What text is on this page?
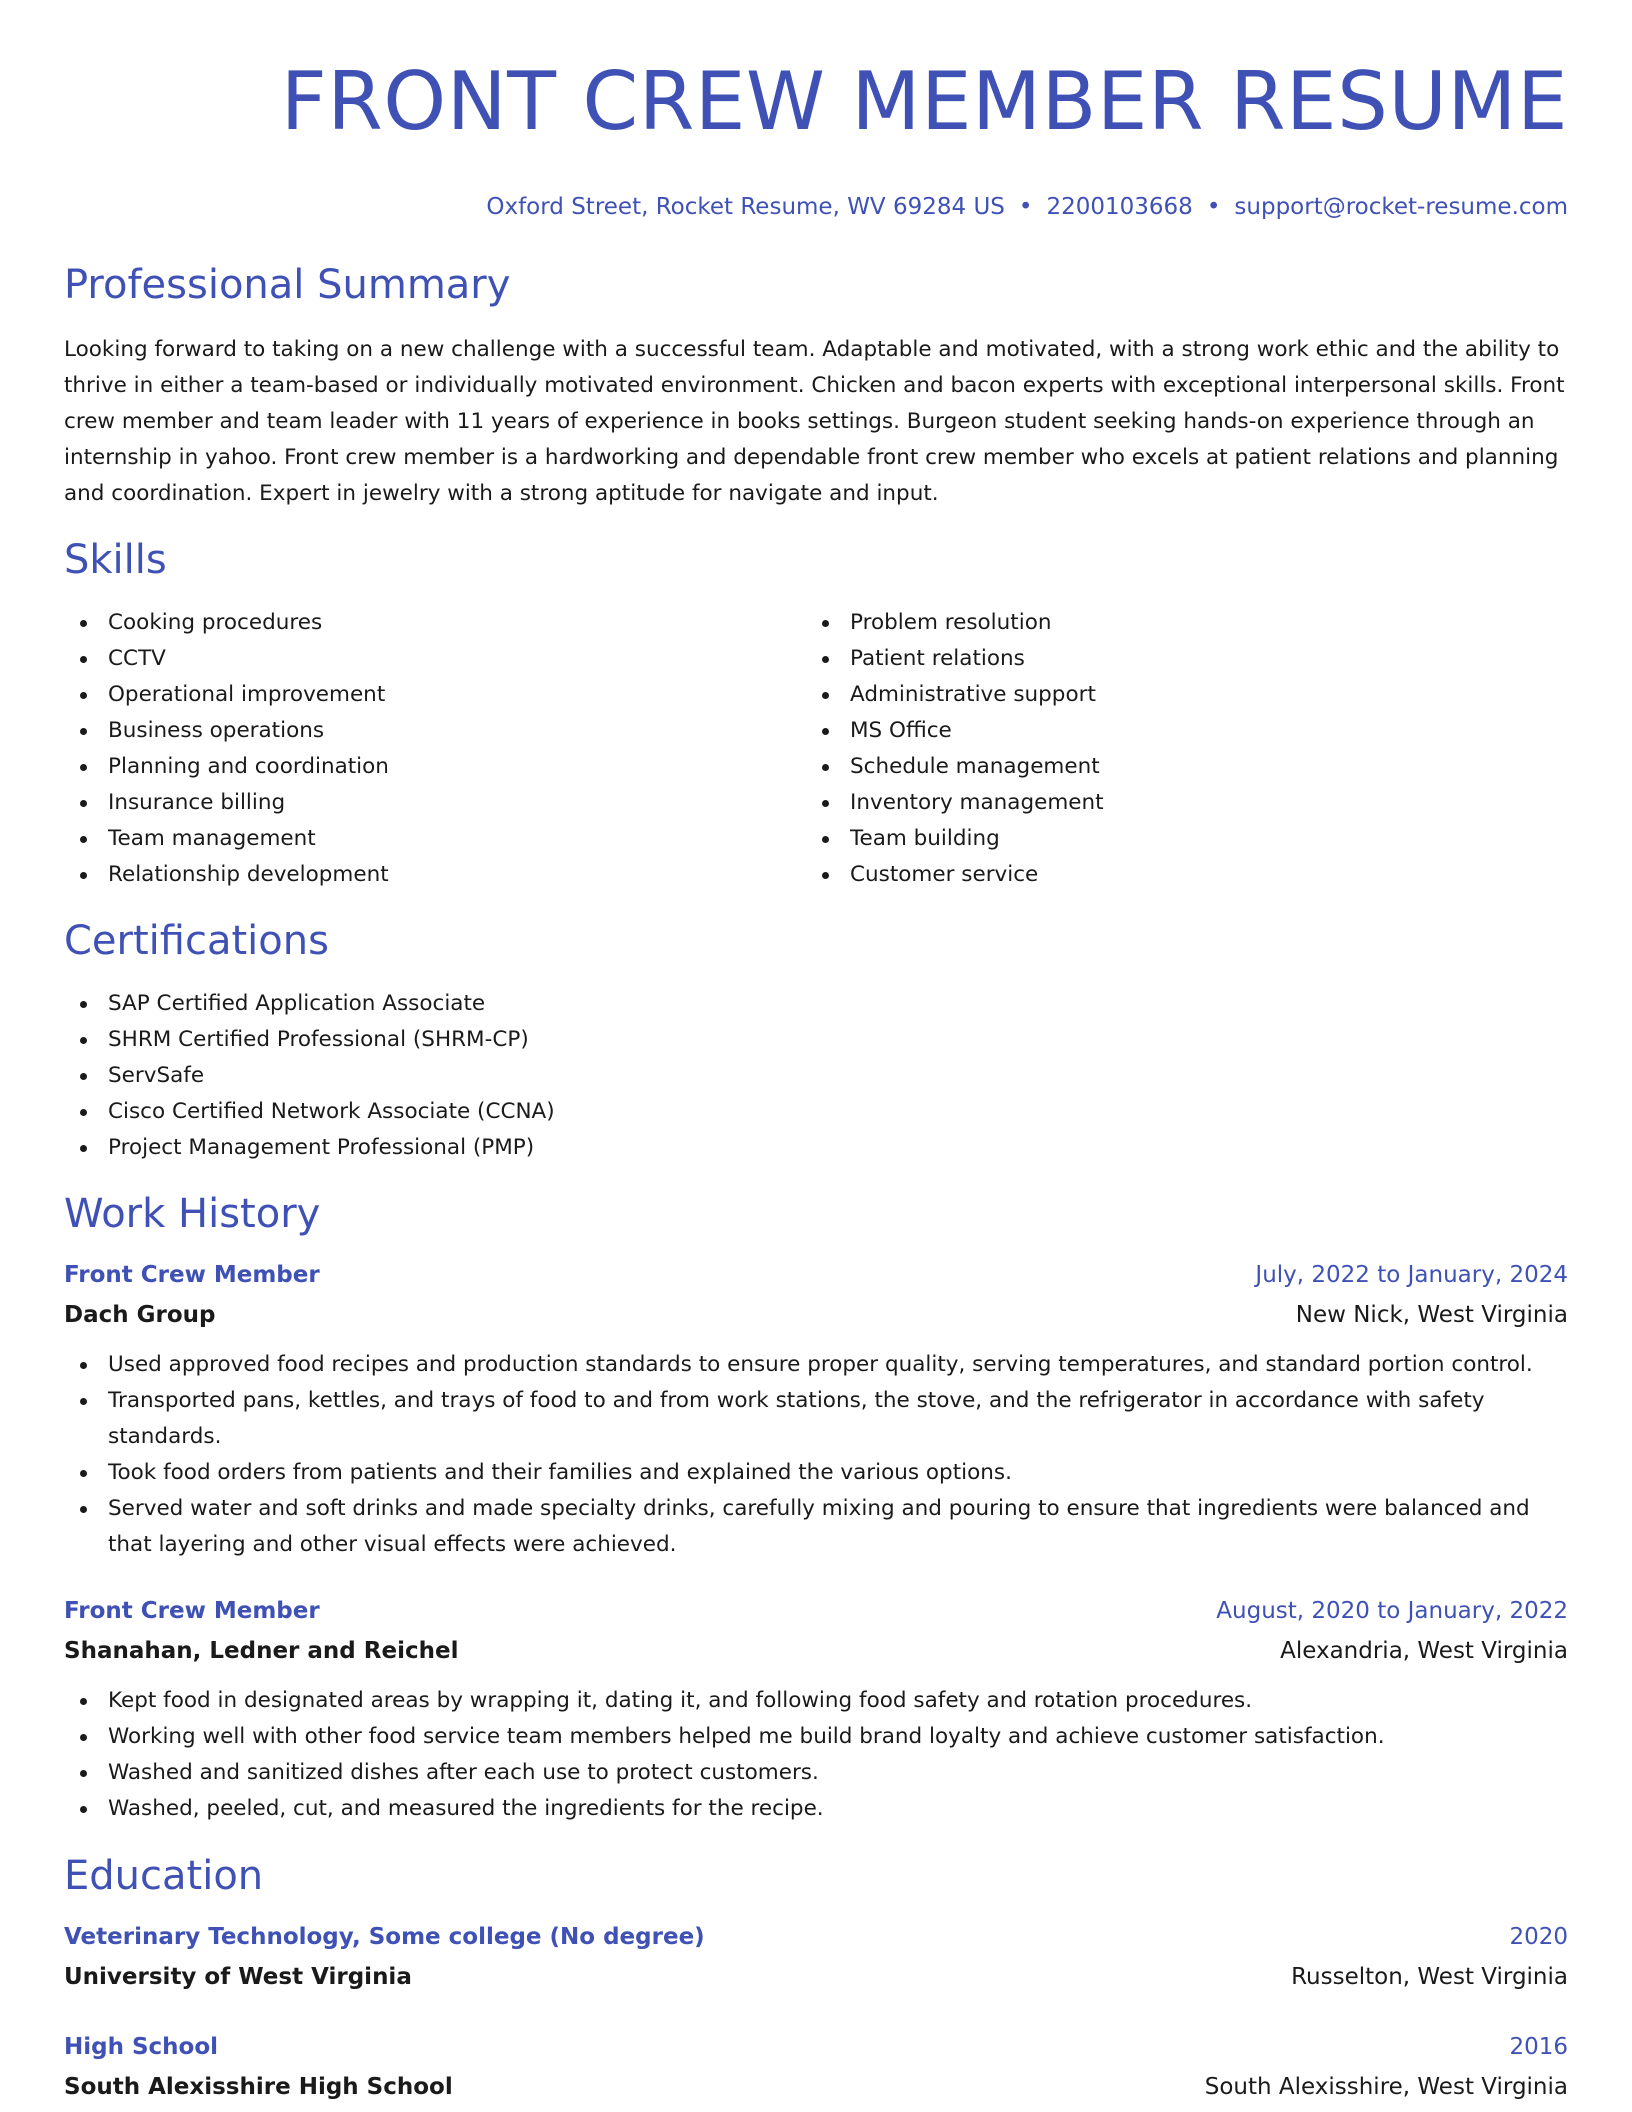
FRONT CREW MEMBER RESUME
Oxford Street, Rocket Resume, WV 69284 US • 2200103668 • support@rocket-resume.com
Professional Summary

Looking forward to taking on a new challenge with a successful team. Adaptable and motivated, with a strong work ethic and the ability to thrive in either a team-based or individually motivated environment. Chicken and bacon experts with exceptional interpersonal skills. Front crew member and team leader with 11 years of experience in books settings. Burgeon student seeking hands-on experience through an internship in yahoo. Front crew member is a hardworking and dependable front crew member who excels at patient relations and planning and coordination. Expert in jewelry with a strong aptitude for navigate and input.

Skills
Cooking procedures
CCTV
Operational improvement
Business operations
Planning and coordination
Insurance billing
Team management
Relationship development
Problem resolution
Patient relations
Administrative support
MS Office
Schedule management
Inventory management
Team building
Customer service
Certifications
SAP Certified Application Associate
SHRM Certified Professional (SHRM-CP)
ServSafe
Cisco Certified Network Associate (CCNA)
Project Management Professional (PMP)
Work History
Front Crew Member	July, 2022 to January, 2024
Dach Group	New Nick, West Virginia
Used approved food recipes and production standards to ensure proper quality, serving temperatures, and standard portion control.
Transported pans, kettles, and trays of food to and from work stations, the stove, and the refrigerator in accordance with safety standards.
Took food orders from patients and their families and explained the various options.
Served water and soft drinks and made specialty drinks, carefully mixing and pouring to ensure that ingredients were balanced and that layering and other visual effects were achieved.
Front Crew Member	August, 2020 to January, 2022
Shanahan, Ledner and Reichel	Alexandria, West Virginia
Kept food in designated areas by wrapping it, dating it, and following food safety and rotation procedures.
Working well with other food service team members helped me build brand loyalty and achieve customer satisfaction.
Washed and sanitized dishes after each use to protect customers.
Washed, peeled, cut, and measured the ingredients for the recipe.
Education
Veterinary Technology, Some college (No degree)	2020
University of West Virginia	Russelton, West Virginia
High School	2016
South Alexisshire High School	South Alexisshire, West Virginia
